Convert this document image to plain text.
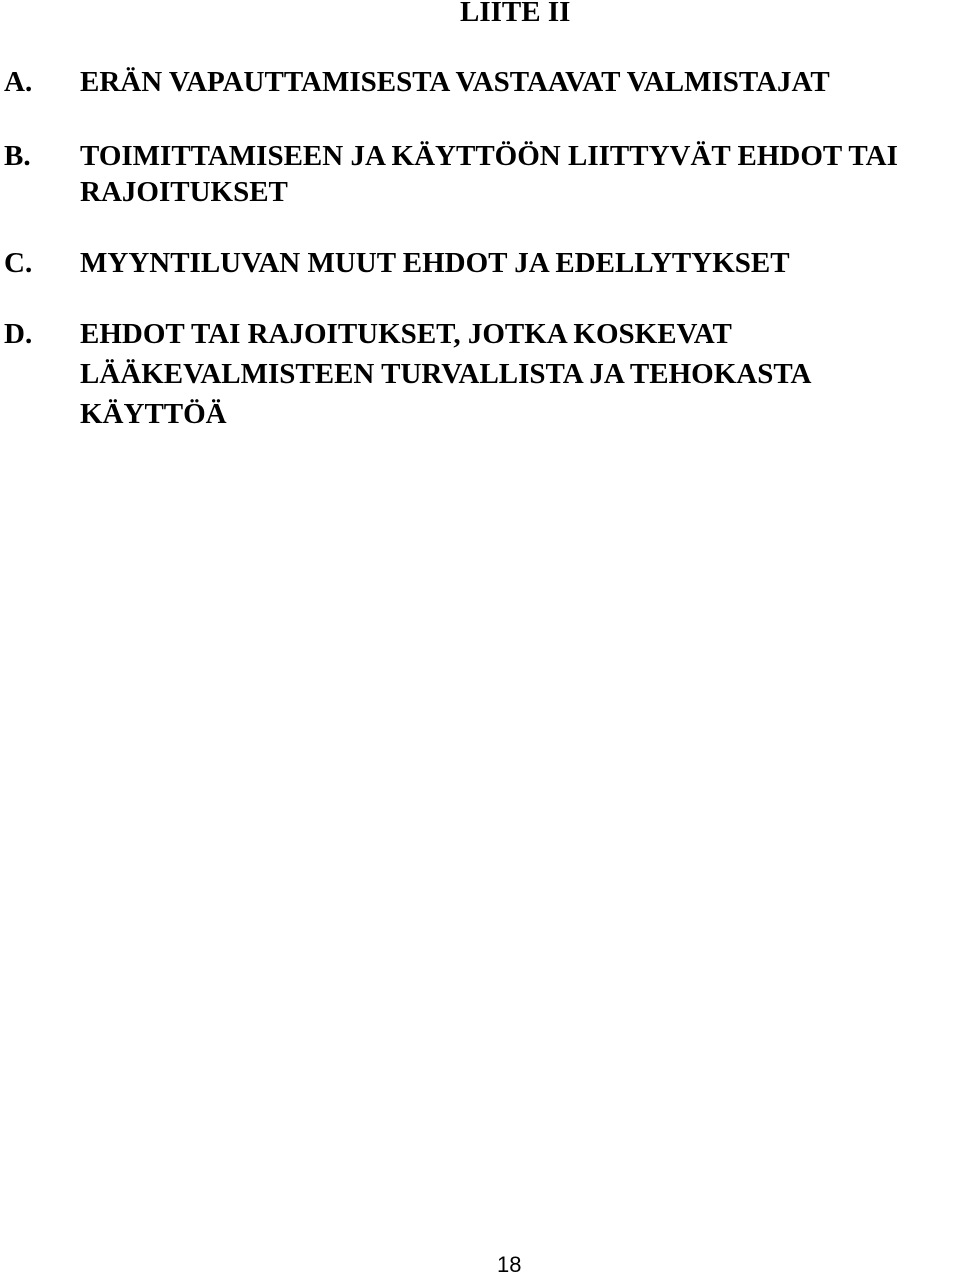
LIITE II
A. ERÄN VAPAUTTAMISESTA VASTAAVAT VALMISTAJAT
B. TOIMITTAMISEEN JA KÄYTTÖÖN LIITTYVÄT EHDOT TAI
RAJOITUKSET
C. MYYNTILUVAN MUUT EHDOT JA EDELLYTYKSET
D. EHDOT TAI RAJOITUKSET, JOTKA KOSKEVAT
LÄÄKEVALMISTEEN TURVALLISTA JA TEHOKASTA
KÄYTTÖÄ
18
